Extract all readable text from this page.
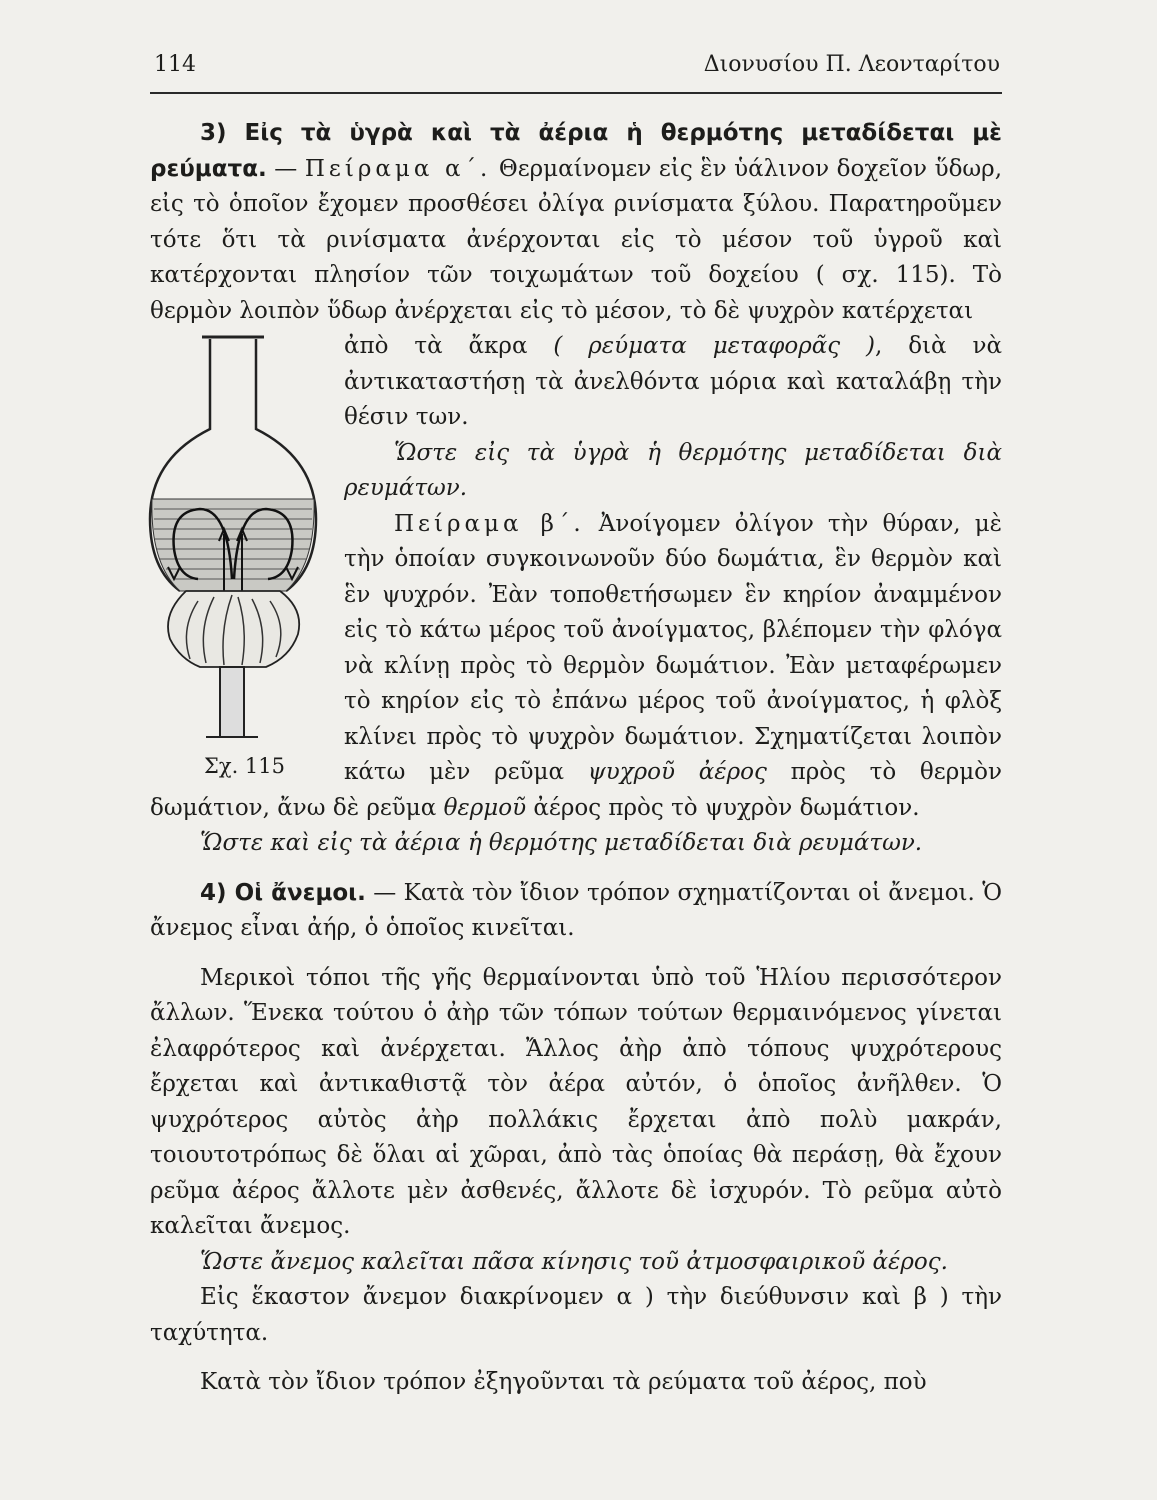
114	Διονυσίου Π. Λεονταρίτου

3) Εἰς τὰ ὑγρὰ καὶ τὰ ἀέρια ἡ θερμότης μεταδίδεται μὲ ρεύματα. — Πείραμα α΄. Θερμαίνομεν εἰς ἓν ὑάλινον δοχεῖον ὕδωρ, εἰς τὸ ὁποῖον ἔχομεν προσθέσει ὀλίγα ρινίσματα ξύλου. Παρατηροῦμεν τότε ὅτι τὰ ρινίσματα ἀνέρχονται εἰς τὸ μέσον τοῦ ὑγροῦ καὶ κατέρχονται πλησίον τῶν τοιχωμάτων τοῦ δοχείου ( σχ. 115). Τὸ θερμὸν λοιπὸν ὕδωρ ἀνέρχεται εἰς τὸ μέσον, τὸ δὲ ψυχρὸν κατέρχεται

Σχ. 115

ἀπὸ τὰ ἄκρα ( ρεύματα μεταφορᾶς ), διὰ νὰ ἀντικαταστήσῃ τὰ ἀνελθόντα μόρια καὶ καταλάβῃ τὴν θέσιν των.

Ὥστε εἰς τὰ ὑγρὰ ἡ θερμότης μεταδίδεται διὰ ρευμάτων.

Πείραμα β΄. Ἀνοίγομεν ὀλίγον τὴν θύραν, μὲ τὴν ὁποίαν συγκοινωνοῦν δύο δωμάτια, ἓν θερμὸν καὶ ἓν ψυχρόν. Ἐὰν τοποθετήσωμεν ἓν κηρίον ἀναμμένον εἰς τὸ κάτω μέρος τοῦ ἀνοίγματος, βλέπομεν τὴν φλόγα νὰ κλίνῃ πρὸς τὸ θερμὸν δωμάτιον. Ἐὰν μεταφέρωμεν τὸ κηρίον εἰς τὸ ἐπάνω μέρος τοῦ ἀνοίγματος, ἡ φλὸξ κλίνει πρὸς τὸ ψυχρὸν δωμάτιον. Σχηματίζεται λοιπὸν κάτω μὲν ρεῦμα ψυχροῦ ἀέρος πρὸς τὸ θερμὸν δωμάτιον, ἄνω δὲ ρεῦμα θερμοῦ ἀέρος πρὸς τὸ ψυχρὸν δωμάτιον.

Ὥστε καὶ εἰς τὰ ἀέρια ἡ θερμότης μεταδίδεται διὰ ρευμάτων.

4) Οἱ ἄνεμοι. — Κατὰ τὸν ἴδιον τρόπον σχηματίζονται οἱ ἄνεμοι. Ὁ ἄνεμος εἶναι ἀήρ, ὁ ὁποῖος κινεῖται.

Μερικοὶ τόποι τῆς γῆς θερμαίνονται ὑπὸ τοῦ Ἡλίου περισσότερον ἄλλων. Ἕνεκα τούτου ὁ ἀὴρ τῶν τόπων τούτων θερμαινόμενος γίνεται ἐλαφρότερος καὶ ἀνέρχεται. Ἄλλος ἀὴρ ἀπὸ τόπους ψυχρότερους ἔρχεται καὶ ἀντικαθιστᾷ τὸν ἀέρα αὐτόν, ὁ ὁποῖος ἀνῆλθεν. Ὁ ψυχρότερος αὐτὸς ἀὴρ πολλάκις ἔρχεται ἀπὸ πολὺ μακράν, τοιουτοτρόπως δὲ ὅλαι αἱ χῶραι, ἀπὸ τὰς ὁποίας θὰ περάσῃ, θὰ ἔχουν ρεῦμα ἀέρος ἄλλοτε μὲν ἀσθενές, ἄλλοτε δὲ ἰσχυρόν. Τὸ ρεῦμα αὐτὸ καλεῖται ἄνεμος.

Ὥστε ἄνεμος καλεῖται πᾶσα κίνησις τοῦ ἀτμοσφαιρικοῦ ἀέρος.

Εἰς ἕκαστον ἄνεμον διακρίνομεν α ) τὴν διεύθυνσιν καὶ β ) τὴν ταχύτητα.

Κατὰ τὸν ἴδιον τρόπον ἐξηγοῦνται τὰ ρεύματα τοῦ ἀέρος, ποὺ
